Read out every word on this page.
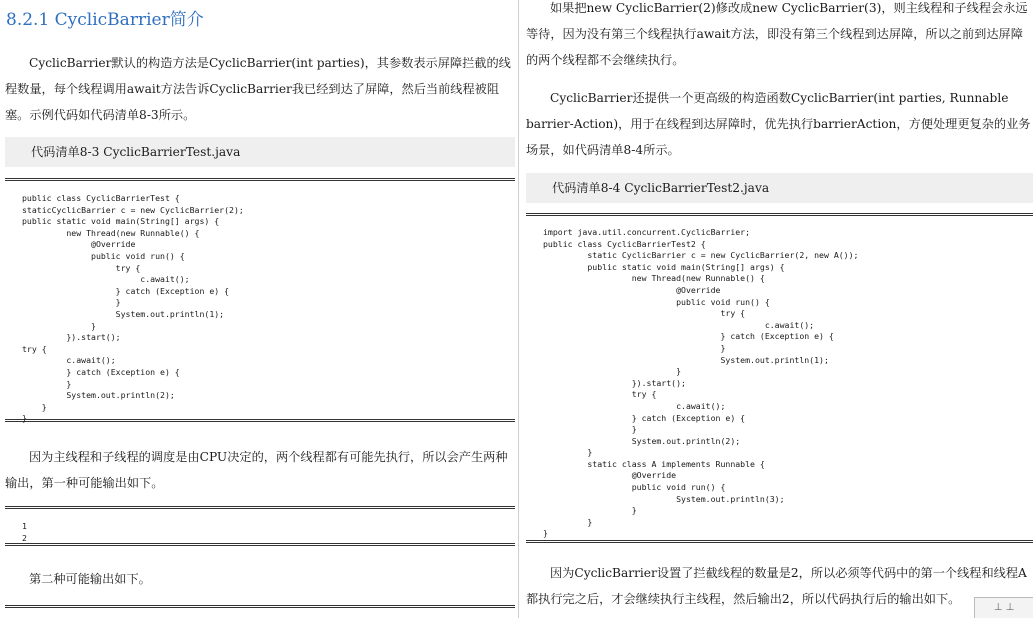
8.2.1 CyclicBarrier简介

CyclicBarrier默认的构造方法是CyclicBarrier(int parties)，其参数表示屏障拦截的线程数量，每个线程调用await方法告诉CyclicBarrier我已经到达了屏障，然后当前线程被阻塞。示例代码如代码清单8-3所示。

代码清单8-3 CyclicBarrierTest.java
public class CyclicBarrierTest {
staticCyclicBarrier c = new CyclicBarrier(2);
public static void main(String[] args) {
new Thread(new Runnable() {
@Override
public void run() {
try {
c.await();
} catch (Exception e) {
}
System.out.println(1);
}
}).start();
try {
c.await();
} catch (Exception e) {
}
System.out.println(2);
}
}

因为主线程和子线程的调度是由CPU决定的，两个线程都有可能先执行，所以会产生两种输出，第一种可能输出如下。

1
2

第二种可能输出如下。

如果把new CyclicBarrier(2)修改成new CyclicBarrier(3)，则主线程和子线程会永远等待，因为没有第三个线程执行await方法，即没有第三个线程到达屏障，所以之前到达屏障的两个线程都不会继续执行。

CyclicBarrier还提供一个更高级的构造函数CyclicBarrier(int parties, Runnable barrier-Action)，用于在线程到达屏障时，优先执行barrierAction，方便处理更复杂的业务场景，如代码清单8-4所示。

代码清单8-4 CyclicBarrierTest2.java
import java.util.concurrent.CyclicBarrier;
public class CyclicBarrierTest2 {
static CyclicBarrier c = new CyclicBarrier(2, new A());
public static void main(String[] args) {
new Thread(new Runnable() {
@Override
public void run() {
try {
c.await();
} catch (Exception e) {
}
System.out.println(1);
}
}).start();
try {
c.await();
} catch (Exception e) {
}
System.out.println(2);
}
static class A implements Runnable {
@Override
public void run() {
System.out.println(3);
}
}
}

因为CyclicBarrier设置了拦截线程的数量是2，所以必须等代码中的第一个线程和线程A都执行完之后，才会继续执行主线程，然后输出2，所以代码执行后的输出如下。

⊥ ⊥
